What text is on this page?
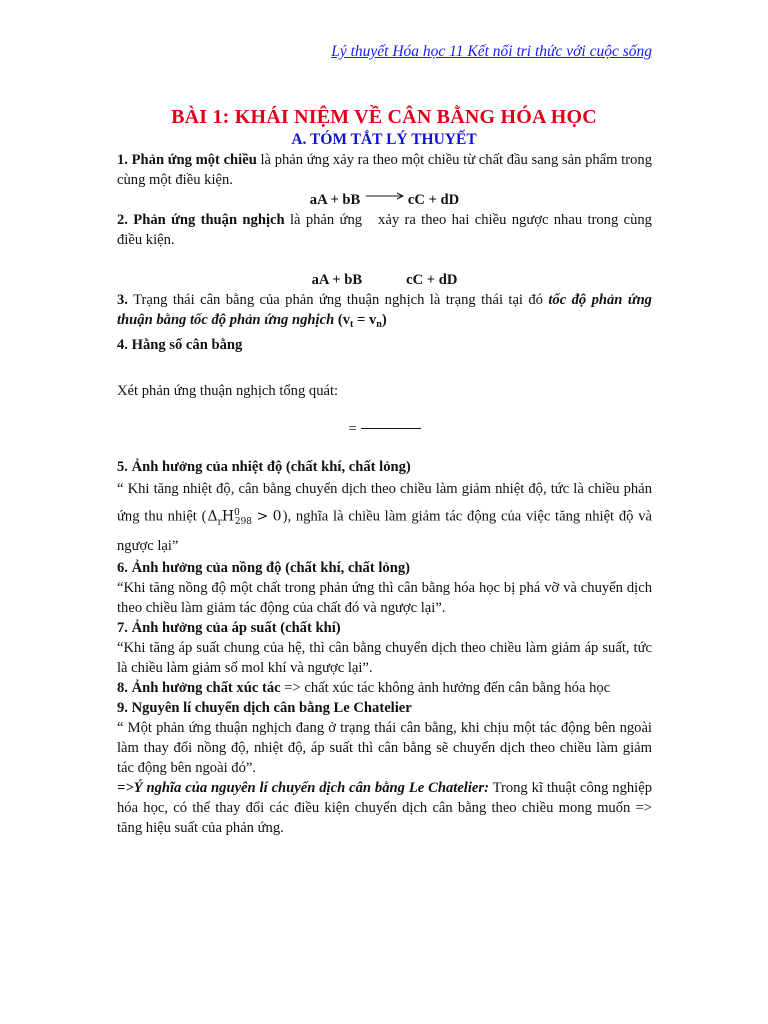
Lý thuyết Hóa học 11 Kết nối tri thức với cuộc sống
BÀI 1: KHÁI NIỆM VỀ CÂN BẰNG HÓA HỌC
A. TÓM TẮT LÝ THUYẾT

1. Phản ứng một chiều là phản ứng xảy ra theo một chiều từ chất đầu sang sản phẩm trong cùng một điều kiện.

aA + bB	cC + dD

2. Phản ứng thuận nghịch là phản ứng xảy ra theo hai chiều ngược nhau trong cùng điều kiện.

aA + bB	cC + dD

3. Trạng thái cân bằng của phản ứng thuận nghịch là trạng thái tại đó tốc độ phản ứng thuận bằng tốc độ phản ứng nghịch $(v_t = v_n)$

4. Hằng số cân bằng

Xét phản ứng thuận nghịch tổng quát:

=

5. Ảnh hưởng của nhiệt độ (chất khí, chất lỏng)

“ Khi tăng nhiệt độ, cân bằng chuyển dịch theo chiều làm giảm nhiệt độ, tức là chiều phản ứng thu nhiệt $(\Delta_rH^0_{298} > 0)$, nghĩa là chiều làm giảm tác động của việc tăng nhiệt độ và ngược lại”

6. Ảnh hưởng của nồng độ (chất khí, chất lỏng)

“Khi tăng nồng độ một chất trong phản ứng thì cân bằng hóa học bị phá vỡ và chuyển dịch theo chiều làm giảm tác động của chất đó và ngược lại”.

7. Ảnh hưởng của áp suất (chất khí)

“Khi tăng áp suất chung của hệ, thì cân bằng chuyển dịch theo chiều làm giảm áp suất, tức là chiều làm giảm số mol khí và ngược lại”.

8. Ảnh hưởng chất xúc tác => chất xúc tác không ảnh hưởng đến cân bằng hóa học

9. Nguyên lí chuyển dịch cân bằng Le Chatelier

“ Một phản ứng thuận nghịch đang ở trạng thái cân bằng, khi chịu một tác động bên ngoài làm thay đổi nồng độ, nhiệt độ, áp suất thì cân bằng sẽ chuyển dịch theo chiều làm giảm tác động bên ngoài đó”.

=>Ý nghĩa của nguyên lí chuyển dịch cân bằng Le Chatelier: Trong kĩ thuật công nghiệp hóa học, có thể thay đổi các điều kiện chuyển dịch cân bằng theo chiều mong muốn => tăng hiệu suất của phản ứng.
